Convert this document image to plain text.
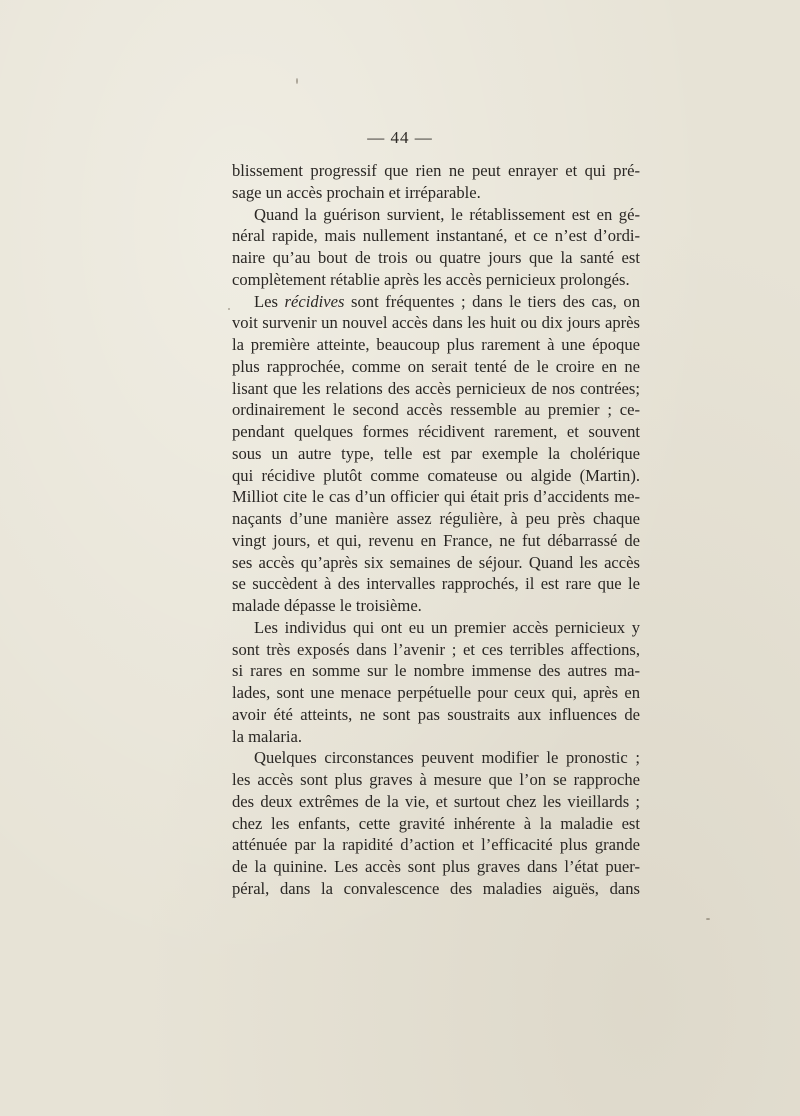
— 44 —
blissement progressif que rien ne peut enrayer et qui pré-
sage un accès prochain et irréparable.
Quand la guérison survient, le rétablissement est en gé-
néral rapide, mais nullement instantané, et ce n’est d’ordi-
naire qu’au bout de trois ou quatre jours que la santé est
complètement rétablie après les accès pernicieux prolongés.
Les récidives sont fréquentes ; dans le tiers des cas, on
voit survenir un nouvel accès dans les huit ou dix jours après
la première atteinte, beaucoup plus rarement à une époque
plus rapprochée, comme on serait tenté de le croire en ne
lisant que les relations des accès pernicieux de nos contrées;
ordinairement le second accès ressemble au premier ; ce-
pendant quelques formes récidivent rarement, et souvent
sous un autre type, telle est par exemple la cholérique
qui récidive plutôt comme comateuse ou algide (Martin).
Milliot cite le cas d’un officier qui était pris d’accidents me-
naçants d’une manière assez régulière, à peu près chaque
vingt jours, et qui, revenu en France, ne fut débarrassé de
ses accès qu’après six semaines de séjour. Quand les accès
se succèdent à des intervalles rapprochés, il est rare que le
malade dépasse le troisième.
Les individus qui ont eu un premier accès pernicieux y
sont très exposés dans l’avenir ; et ces terribles affections,
si rares en somme sur le nombre immense des autres ma-
lades, sont une menace perpétuelle pour ceux qui, après en
avoir été atteints, ne sont pas soustraits aux influences de
la malaria.
Quelques circonstances peuvent modifier le pronostic ;
les accès sont plus graves à mesure que l’on se rapproche
des deux extrêmes de la vie, et surtout chez les vieillards ;
chez les enfants, cette gravité inhérente à la maladie est
atténuée par la rapidité d’action et l’efficacité plus grande
de la quinine. Les accès sont plus graves dans l’état puer-
péral, dans la convalescence des maladies aiguës, dans
